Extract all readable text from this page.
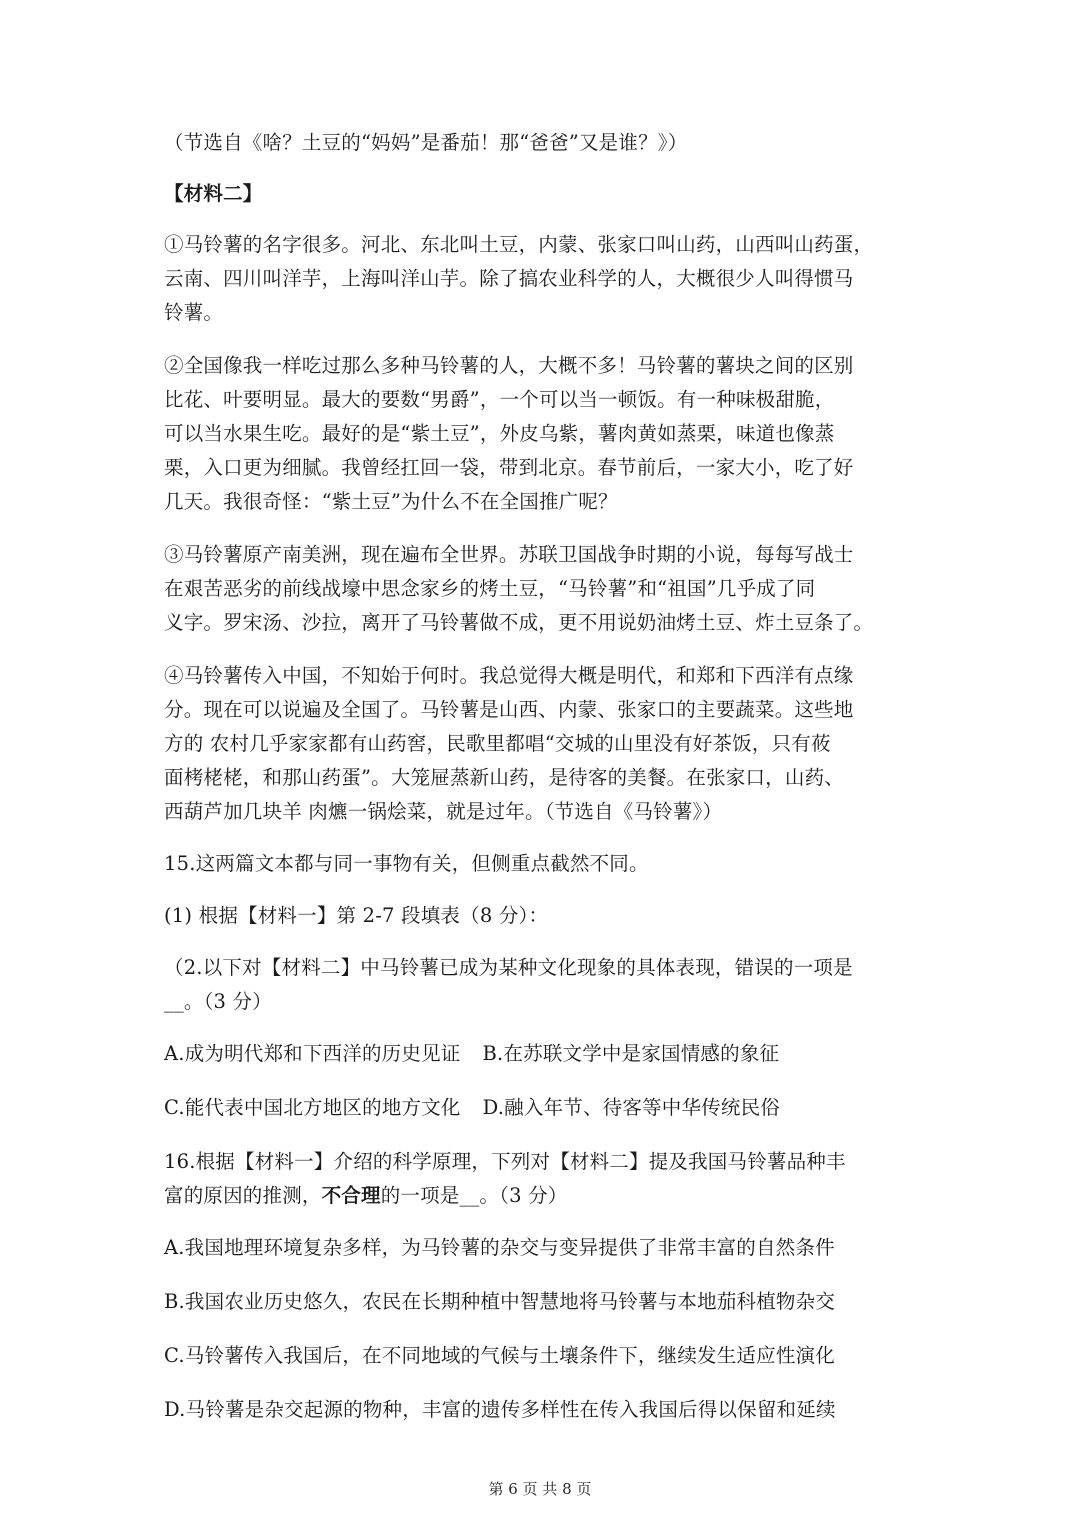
（节选自《啥？土豆的“妈妈”是番茄！那“爸爸”又是谁？》）

【材料二】

①马铃薯的名字很多。河北、东北叫土豆，内蒙、张家口叫山药，山西叫山药蛋，

云南、四川叫洋芋，上海叫洋山芋。除了搞农业科学的人，大概很少人叫得惯马

铃薯。

②全国像我一样吃过那么多种马铃薯的人，大概不多！马铃薯的薯块之间的区别

比花、叶要明显。最大的要数“男爵”，一个可以当一顿饭。有一种味极甜脆，

可以当水果生吃。最好的是“紫土豆”，外皮乌紫，薯肉黄如蒸栗，味道也像蒸

栗，入口更为细腻。我曾经扛回一袋，带到北京。春节前后，一家大小，吃了好

几天。我很奇怪：“紫土豆”为什么不在全国推广呢？

③马铃薯原产南美洲，现在遍布全世界。苏联卫国战争时期的小说，每每写战士

在艰苦恶劣的前线战壕中思念家乡的烤土豆，“马铃薯”和“祖国”几乎成了同

义字。罗宋汤、沙拉，离开了马铃薯做不成，更不用说奶油烤土豆、炸土豆条了。

④马铃薯传入中国，不知始于何时。我总觉得大概是明代，和郑和下西洋有点缘

分。现在可以说遍及全国了。马铃薯是山西、内蒙、张家口的主要蔬菜。这些地

方的 农村几乎家家都有山药窖，民歌里都唱“交城的山里没有好茶饭，只有莜

面栲栳栳，和那山药蛋”。大笼屉蒸新山药，是待客的美餐。在张家口，山药、

西葫芦加几块羊 肉爊一锅烩菜，就是过年。（节选自《马铃薯》）

15.这两篇文本都与同一事物有关，但侧重点截然不同。

(1) 根据【材料一】第 2-7 段填表（8 分）：

（2.以下对【材料二】中马铃薯已成为某种文化现象的具体表现，错误的一项是

__。（3 分）

A.成为明代郑和下西洋的历史见证 B.在苏联文学中是家国情感的象征

C.能代表中国北方地区的地方文化 D.融入年节、待客等中华传统民俗

16.根据【材料一】介绍的科学原理，下列对【材料二】提及我国马铃薯品种丰

富的原因的推测，不合理的一项是__。（3 分）

A.我国地理环境复杂多样，为马铃薯的杂交与变异提供了非常丰富的自然条件

B.我国农业历史悠久，农民在长期种植中智慧地将马铃薯与本地茄科植物杂交

C.马铃薯传入我国后，在不同地域的气候与土壤条件下，继续发生适应性演化

D.马铃薯是杂交起源的物种，丰富的遗传多样性在传入我国后得以保留和延续

第 6 页 共 8 页
